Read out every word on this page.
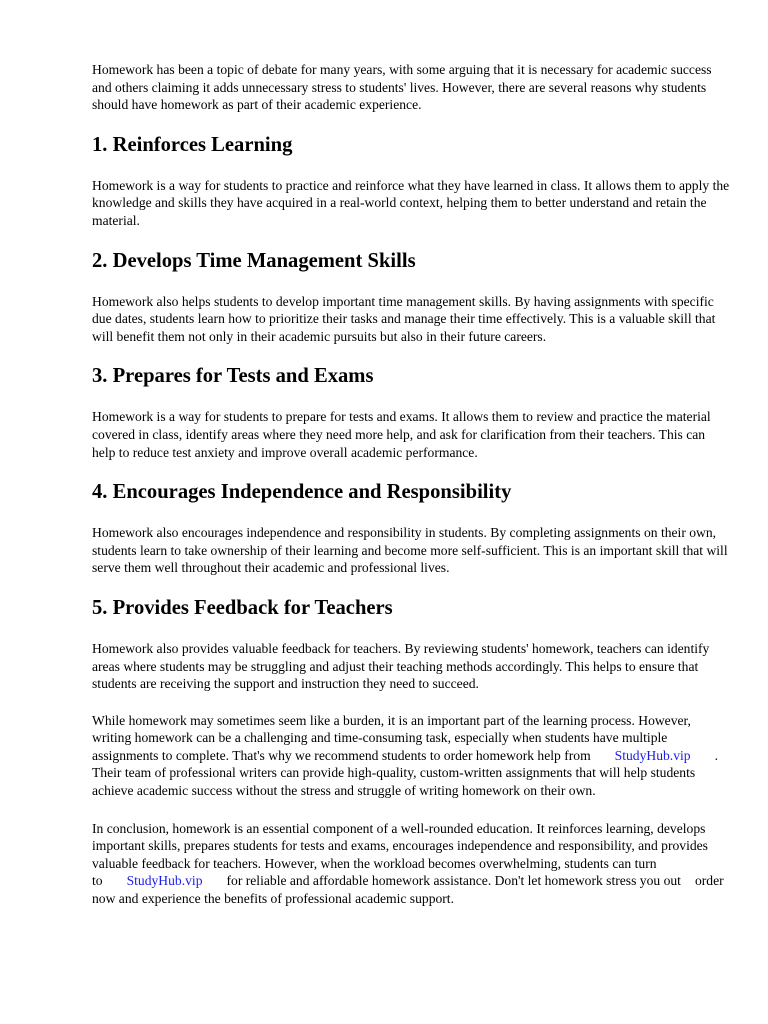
Homework has been a topic of debate for many years, with some arguing that it is necessary for academic success and others claiming it adds unnecessary stress to students' lives. However, there are several reasons why students should have homework as part of their academic experience.

1. Reinforces Learning

Homework is a way for students to practice and reinforce what they have learned in class. It allows them to apply the knowledge and skills they have acquired in a real-world context, helping them to better understand and retain the material.

2. Develops Time Management Skills

Homework also helps students to develop important time management skills. By having assignments with specific due dates, students learn how to prioritize their tasks and manage their time effectively. This is a valuable skill that will benefit them not only in their academic pursuits but also in their future careers.

3. Prepares for Tests and Exams

Homework is a way for students to prepare for tests and exams. It allows them to review and practice the material covered in class, identify areas where they need more help, and ask for clarification from their teachers. This can help to reduce test anxiety and improve overall academic performance.

4. Encourages Independence and Responsibility

Homework also encourages independence and responsibility in students. By completing assignments on their own, students learn to take ownership of their learning and become more self-sufficient. This is an important skill that will serve them well throughout their academic and professional lives.

5. Provides Feedback for Teachers

Homework also provides valuable feedback for teachers. By reviewing students' homework, teachers can identify areas where students may be struggling and adjust their teaching methods accordingly. This helps to ensure that students are receiving the support and instruction they need to succeed.

While homework may sometimes seem like a burden, it is an important part of the learning process. However, writing homework can be a challenging and time-consuming task, especially when students have multiple assignments to complete. That's why we recommend students to order homework help from StudyHub.vip . Their team of professional writers can provide high-quality, custom-written assignments that will help students achieve academic success without the stress and struggle of writing homework on their own.

In conclusion, homework is an essential component of a well-rounded education. It reinforces learning, develops important skills, prepares students for tests and exams, encourages independence and responsibility, and provides valuable feedback for teachers. However, when the workload becomes overwhelming, students can turn to StudyHub.vip for reliable and affordable homework assistance. Don't let homework stress you out order now and experience the benefits of professional academic support.
